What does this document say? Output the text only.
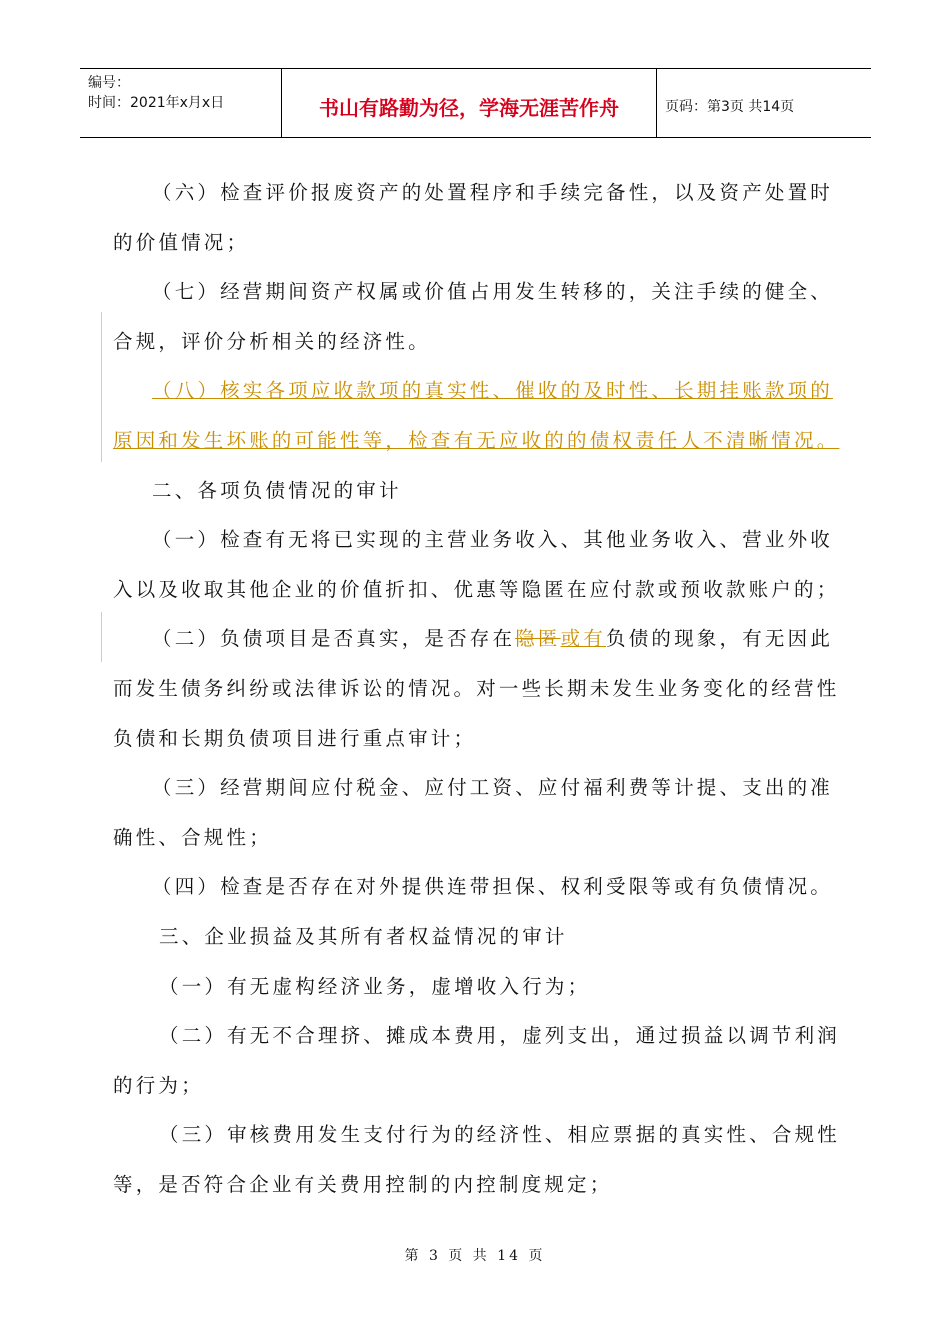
编号：
时间：2021年x月x日	书山有路勤为径，学海无涯苦作舟	页码：第3页 共14页

（六）检查评价报废资产的处置程序和手续完备性，以及资产处置时

的价值情况；

（七）经营期间资产权属或价值占用发生转移的，关注手续的健全、

合规，评价分析相关的经济性。

（八）核实各项应收款项的真实性、催收的及时性、长期挂账款项的

原因和发生坏账的可能性等，检查有无应收的的债权责任人不清晰情况。

二、各项负债情况的审计

（一）检查有无将已实现的主营业务收入、其他业务收入、营业外收

入以及收取其他企业的价值折扣、优惠等隐匿在应付款或预收款账户的；

（二）负债项目是否真实，是否存在隐匿或有负债的现象，有无因此

而发生债务纠纷或法律诉讼的情况。对一些长期未发生业务变化的经营性

负债和长期负债项目进行重点审计；

（三）经营期间应付税金、应付工资、应付福利费等计提、支出的准

确性、合规性；

（四）检查是否存在对外提供连带担保、权利受限等或有负债情况。

三、企业损益及其所有者权益情况的审计

（一）有无虚构经济业务，虚增收入行为；

（二）有无不合理挤、摊成本费用，虚列支出，通过损益以调节利润

的行为；

（三）审核费用发生支付行为的经济性、相应票据的真实性、合规性

等，是否符合企业有关费用控制的内控制度规定；

第 3 页 共 14 页
